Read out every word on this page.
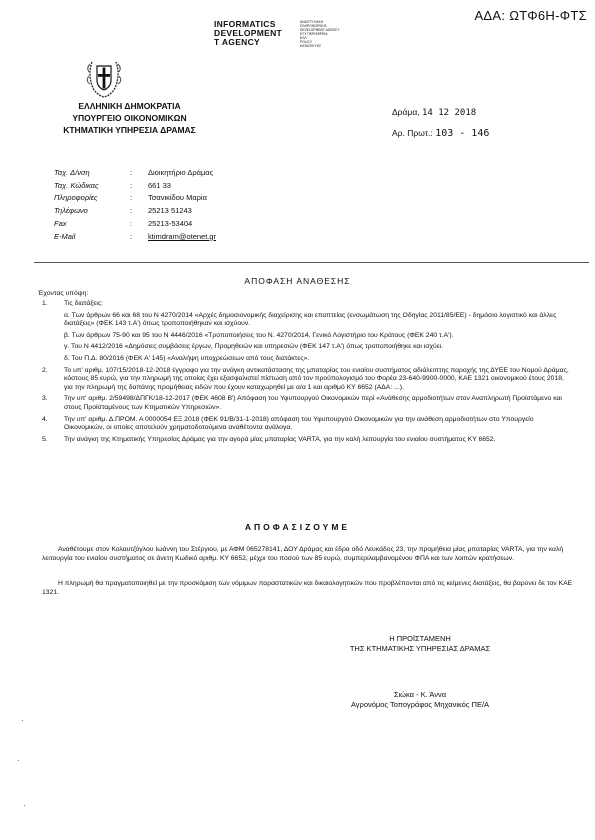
ΑΔΑ: ΩΤΦ6Η-ΦΤΣ
INFORMATICS
DEVELOPMENT
T AGENCY
ΑΝΑΠΤΥΞΙΑΚΗ
ΠΛΗΡΟΦΟΡΙΚΗΣ
DEVELOPMENT AGENCY
ΕΞΥ ΠΕΡΙΦΕΡΕΙΑ
ΕΛΛ
POLICY
ΚΑΤΑΣΚΕΥΗΣ
ΕΛΛΗΝΙΚΗ ΔΗΜΟΚΡΑΤΙΑ
ΥΠΟΥΡΓΕΙΟ ΟΙΚΟΝΟΜΙΚΩΝ
ΚΤΗΜΑΤΙΚΗ ΥΠΗΡΕΣΙΑ ΔΡΑΜΑΣ
Δράμα, 14 12 2018
Αρ. Πρωτ.: 103 - 146
Ταχ. Δ/νση	:	Διοικητήριο Δράμας
Ταχ. Κώδικας	:	661 33
Πληροφορίες	:	Τσανικίδου Μαρία
Τηλέφωνο	:	25213 51243
Fax	:	25213-53404
E-Mail	:	ktimdram@otenet.gr
ΑΠΟΦΑΣΗ ΑΝΑΘΕΣΗΣ
Έχοντας υπόψη:
1.	Τις διατάξεις:
α. Των άρθρων 66 και 68 του Ν 4270/2014 «Αρχές δημοσιονομικής διαχείρισης και εποπτείας (ενσωμάτωση της Οδηγίας 2011/85/ΕΕ) - δημόσιο λογιστικό και άλλες διατάξεις» (ΦΕΚ 143 τ.Α') όπως τροποποιήθηκαν και ισχύουν.
β. Των άρθρων 75-90 και 95 του Ν 4446/2016 «Τροποποιήσεις του Ν. 4270/2014, Γενικό Λογιστήριο του Κράτους (ΦΕΚ 240 τ.Α').
γ. Του Ν 4412/2016 «Δημόσιες συμβάσεις έργων, Προμηθειών και υπηρεσιών (ΦΕΚ 147 τ.Α') όπως τροποποιήθηκε και ισχύει.
δ. Του Π.Δ. 80/2016 (ΦΕΚ Α' 145) «Αναλήψη υποχρεώσεων από τους διατάκτες».
2.	Το υπ' αριθμ. 107/15/2018-12-2018 έγγραφο για την ανάγκη αντικατάστασης της μπαταρίας του ενιαίου συστήματος αδιάλειπτης παροχής της ΔΥΕΕ του Νομού Δράμας, κόστους 85 ευρώ, για την πληρωμή της οποίας έχει εξασφαλιστεί πίστωση από τον προϋπολογισμό του Φορέα 23-640-9900-0000, ΚΑΕ 1321 οικονομικού έτους 2018, για την πληρωμή της δαπάνης προμήθειας ειδών που έχουν καταχωρηθεί με α/α 1 και αριθμό ΚΥ 6652 (ΑΔΑ: ...).
3.	Την υπ' αριθμ. 2/59498/ΔΠΓΚ/18-12-2017 (ΦΕΚ 4608 Β') Απόφαση του Υφυπουργού Οικονομικών περί «Ανάθεσης αρμοδιοτήτων στον Αναπληρωτή Προϊστάμενο και στους Προϊσταμένους των Κτηματικών Υπηρεσιών».
4.	Την υπ' αριθμ. Δ.ΠΡΟΜ. Α 0000054 ΕΞ 2018 (ΦΕΚ 91/Β/31-1-2018) απόφαση του Υφυπουργού Οικονομικών για την ανάθεση αρμοδιοτήτων στο Υπουργείο Οικονομικών, οι οποίες αποτελούν χρηματοδοτούμενα αναθέτοντα ανάλογα.
5.	Την ανάγκη της Κτηματικής Υπηρεσίας Δράμας για την αγορά μίας μπαταρίας VARTA, για την καλή λειτουργία του ενιαίου συστήματος ΚΥ 6652.
ΑΠΟΦΑΣΙΖΟΥΜΕ
Αναθέτουμε στον Κολαυτζόγλου Ιωάννη του Στέργιου, με ΑΦΜ 065278141, ΔΟΥ Δράμας και έδρα οδό Λευκάδος 23, την προμήθεια μίας μπαταρίας VARTA, για την καλή λειτουργία του ενιαίου συστήματος σε άνετη Κωδικό αριθμ. ΚΥ 6652, μέχρι του ποσού των 85 ευρώ, συμπεριλαμβανομένου ΦΠΑ και των λοιπών κρατήσεων.
Η πληρωμή θα πραγματοποιηθεί με την προσκόμιση των νόμιμων παραστατικών και δικαιολογητικών που προβλέπονται από τις κείμενες διατάξεις, θα βαρύνει δε τον ΚΑΕ 1321.
Η ΠΡΟΪΣΤΑΜΕΝΗ
ΤΗΣ ΚΤΗΜΑΤΙΚΗΣ ΥΠΗΡΕΣΙΑΣ ΔΡΑΜΑΣ
Σιώκα - Κ. Άννα
Αγρονόμος Τοπογράφος Μηχανικός ΠΕ/Α
